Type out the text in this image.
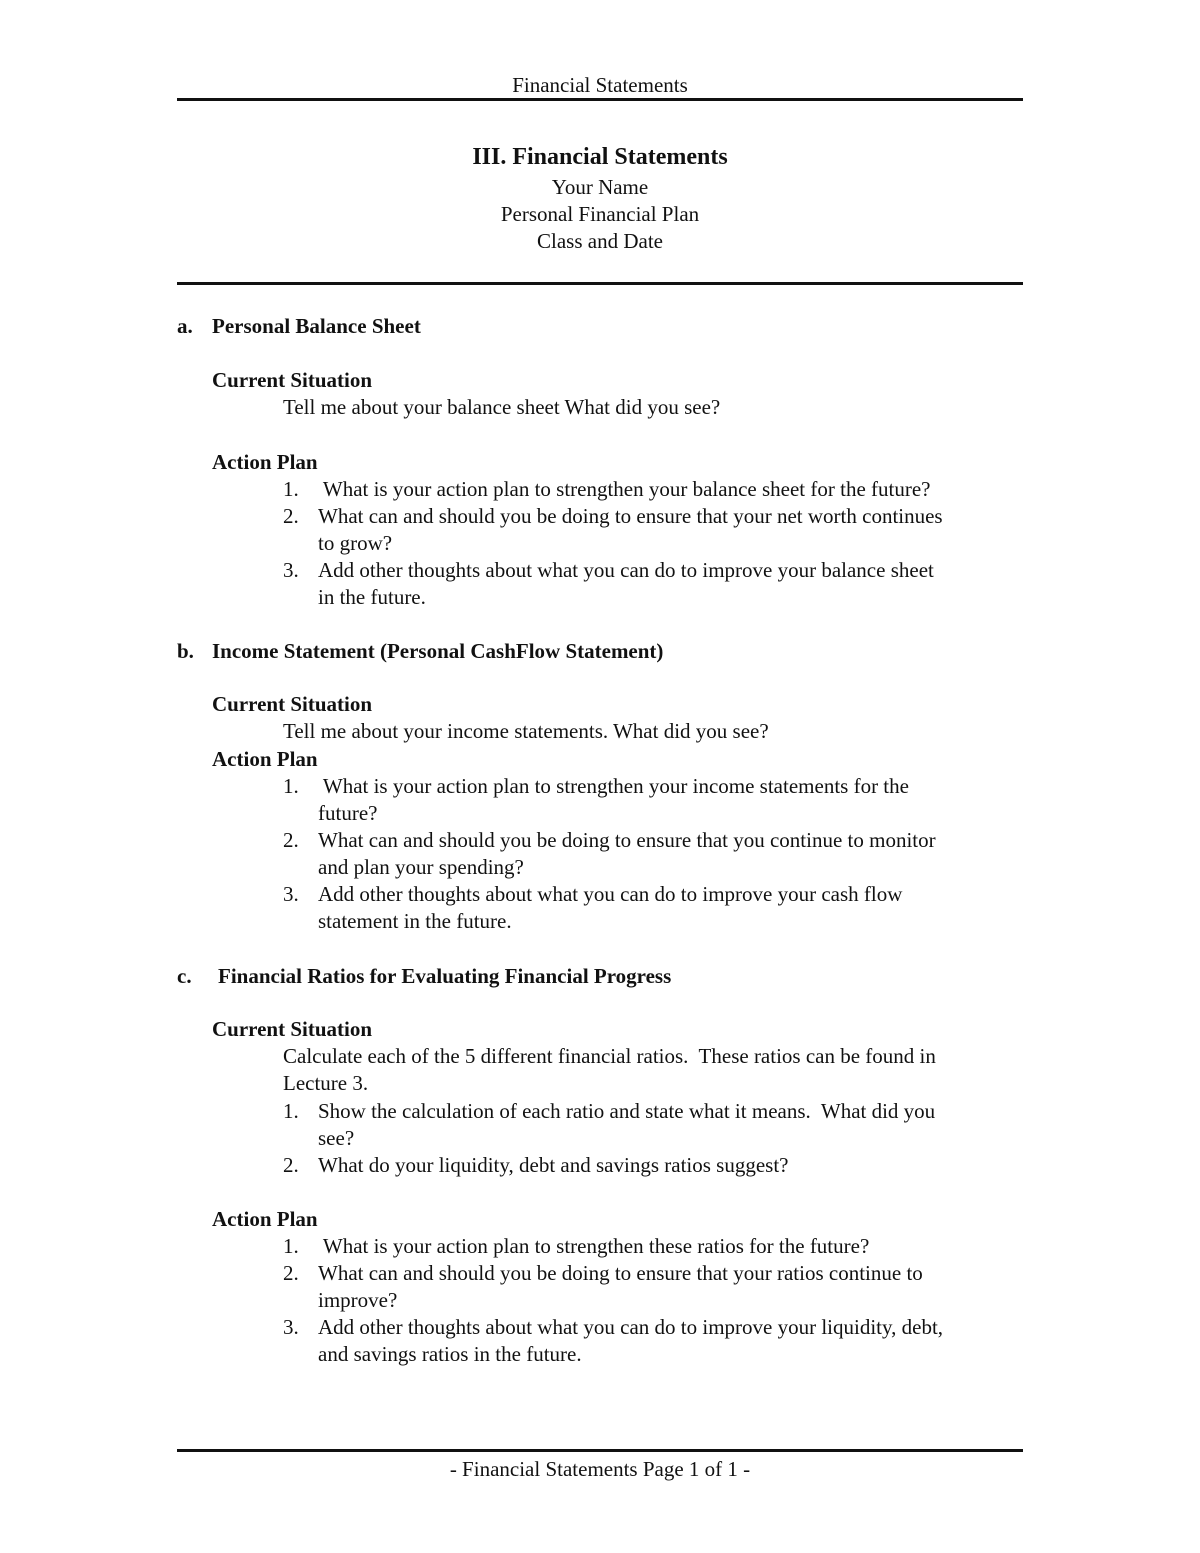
Financial Statements
III. Financial Statements
Your Name
Personal Financial Plan
Class and Date
a. Personal Balance Sheet
Current Situation
Tell me about your balance sheet What did you see?
Action Plan
1. What is your action plan to strengthen your balance sheet for the future?
2. What can and should you be doing to ensure that your net worth continues
to grow?
3. Add other thoughts about what you can do to improve your balance sheet
in the future.
b. Income Statement (Personal CashFlow Statement)
Current Situation
Tell me about your income statements. What did you see?
Action Plan
1. What is your action plan to strengthen your income statements for the
future?
2. What can and should you be doing to ensure that you continue to monitor
and plan your spending?
3. Add other thoughts about what you can do to improve your cash flow
statement in the future.
c. Financial Ratios for Evaluating Financial Progress
Current Situation
Calculate each of the 5 different financial ratios.  These ratios can be found in
Lecture 3.
1. Show the calculation of each ratio and state what it means.  What did you
see?
2. What do your liquidity, debt and savings ratios suggest?
Action Plan
1. What is your action plan to strengthen these ratios for the future?
2. What can and should you be doing to ensure that your ratios continue to
improve?
3. Add other thoughts about what you can do to improve your liquidity, debt,
and savings ratios in the future.
- Financial Statements Page 1 of 1 -
